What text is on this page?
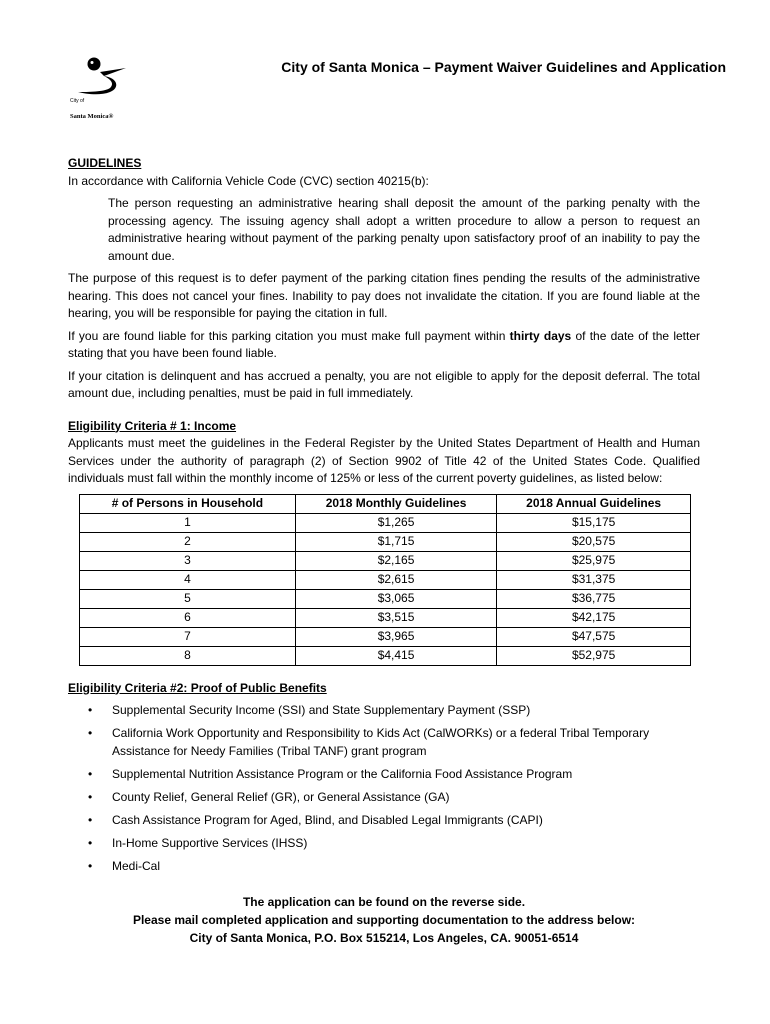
City of
Santa Monica®
City of Santa Monica – Payment Waiver Guidelines and Application
GUIDELINES

In accordance with California Vehicle Code (CVC) section 40215(b):

The person requesting an administrative hearing shall deposit the amount of the parking penalty with the processing agency. The issuing agency shall adopt a written procedure to allow a person to request an administrative hearing without payment of the parking penalty upon satisfactory proof of an inability to pay the amount due.

The purpose of this request is to defer payment of the parking citation fines pending the results of the administrative hearing. This does not cancel your fines. Inability to pay does not invalidate the citation. If you are found liable at the hearing, you will be responsible for paying the citation in full.

If you are found liable for this parking citation you must make full payment within thirty days of the date of the letter stating that you have been found liable.

If your citation is delinquent and has accrued a penalty, you are not eligible to apply for the deposit deferral. The total amount due, including penalties, must be paid in full immediately.

Eligibility Criteria # 1: Income

Applicants must meet the guidelines in the Federal Register by the United States Department of Health and Human Services under the authority of paragraph (2) of Section 9902 of Title 42 of the United States Code. Qualified individuals must fall within the monthly income of 125% or less of the current poverty guidelines, as listed below:

# of Persons in Household	2018 Monthly Guidelines	2018 Annual Guidelines
1	$1,265	$15,175
2	$1,715	$20,575
3	$2,165	$25,975
4	$2,615	$31,375
5	$3,065	$36,775
6	$3,515	$42,175
7	$3,965	$47,575
8	$4,415	$52,975
Eligibility Criteria #2: Proof of Public Benefits
• Supplemental Security Income (SSI) and State Supplementary Payment (SSP)
• California Work Opportunity and Responsibility to Kids Act (CalWORKs) or a federal Tribal Temporary Assistance for Needy Families (Tribal TANF) grant program
• Supplemental Nutrition Assistance Program or the California Food Assistance Program
• County Relief, General Relief (GR), or General Assistance (GA)
• Cash Assistance Program for Aged, Blind, and Disabled Legal Immigrants (CAPI)
• In-Home Supportive Services (IHSS)
• Medi-Cal
The application can be found on the reverse side.
Please mail completed application and supporting documentation to the address below:
City of Santa Monica, P.O. Box 515214, Los Angeles, CA. 90051-6514
